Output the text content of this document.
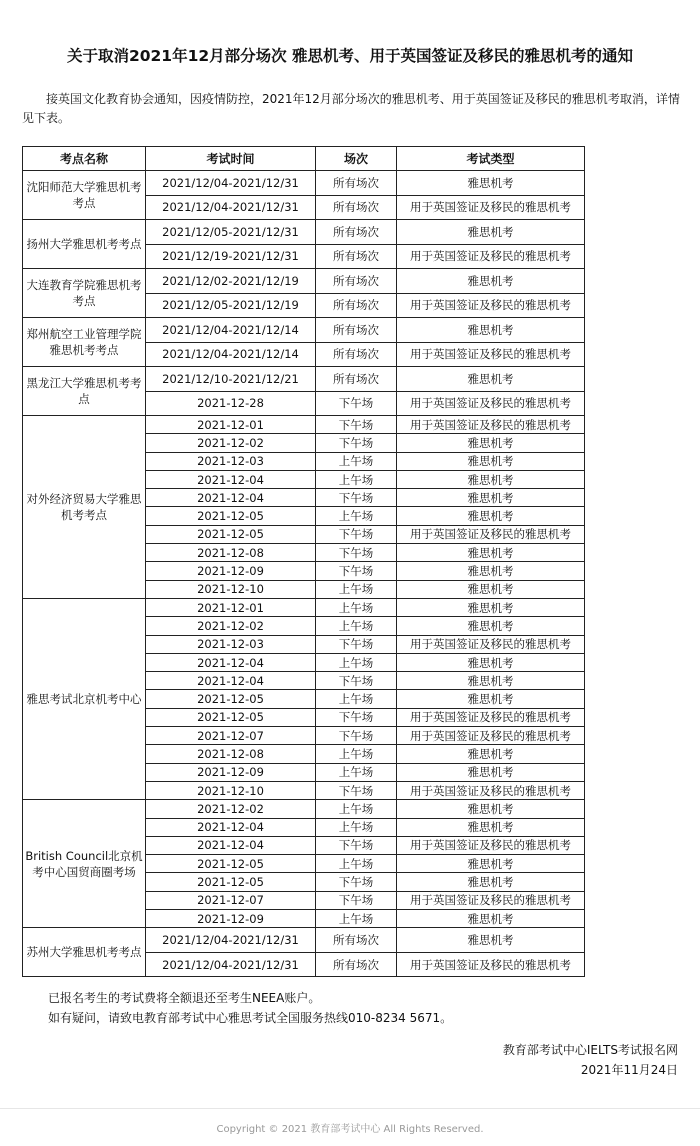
关于取消2021年12月部分场次 雅思机考、用于英国签证及移民的雅思机考的通知
接英国文化教育协会通知，因疫情防控，2021年12月部分场次的雅思机考、用于英国签证及移民的雅思机考取消，详情见下表。
考点名称	考试时间	场次	考试类型
沈阳师范大学雅思机考考点	2021/12/04-2021/12/31	所有场次	雅思机考
	2021/12/04-2021/12/31	所有场次	用于英国签证及移民的雅思机考
扬州大学雅思机考考点	2021/12/05-2021/12/31	所有场次	雅思机考
	2021/12/19-2021/12/31	所有场次	用于英国签证及移民的雅思机考
大连教育学院雅思机考考点	2021/12/02-2021/12/19	所有场次	雅思机考
	2021/12/05-2021/12/19	所有场次	用于英国签证及移民的雅思机考
郑州航空工业管理学院雅思机考考点	2021/12/04-2021/12/14	所有场次	雅思机考
	2021/12/04-2021/12/14	所有场次	用于英国签证及移民的雅思机考
黑龙江大学雅思机考考点	2021/12/10-2021/12/21	所有场次	雅思机考
	2021-12-28	下午场	用于英国签证及移民的雅思机考
对外经济贸易大学雅思机考考点	2021-12-01	下午场	用于英国签证及移民的雅思机考
	2021-12-02	下午场	雅思机考
	2021-12-03	上午场	雅思机考
	2021-12-04	上午场	雅思机考
	2021-12-04	下午场	雅思机考
	2021-12-05	上午场	雅思机考
	2021-12-05	下午场	用于英国签证及移民的雅思机考
	2021-12-08	下午场	雅思机考
	2021-12-09	下午场	雅思机考
	2021-12-10	上午场	雅思机考
雅思考试北京机考中心	2021-12-01	上午场	雅思机考
	2021-12-02	上午场	雅思机考
	2021-12-03	下午场	用于英国签证及移民的雅思机考
	2021-12-04	上午场	雅思机考
	2021-12-04	下午场	雅思机考
	2021-12-05	上午场	雅思机考
	2021-12-05	下午场	用于英国签证及移民的雅思机考
	2021-12-07	下午场	用于英国签证及移民的雅思机考
	2021-12-08	上午场	雅思机考
	2021-12-09	上午场	雅思机考
	2021-12-10	下午场	用于英国签证及移民的雅思机考
British Council北京机考中心国贸商圈考场	2021-12-02	上午场	雅思机考
	2021-12-04	上午场	雅思机考
	2021-12-04	下午场	用于英国签证及移民的雅思机考
	2021-12-05	上午场	雅思机考
	2021-12-05	下午场	雅思机考
	2021-12-07	下午场	用于英国签证及移民的雅思机考
	2021-12-09	上午场	雅思机考
苏州大学雅思机考考点	2021/12/04-2021/12/31	所有场次	雅思机考
	2021/12/04-2021/12/31	所有场次	用于英国签证及移民的雅思机考
已报名考生的考试费将全额退还至考生NEEA账户。
如有疑问，请致电教育部考试中心雅思考试全国服务热线010-8234 5671。
教育部考试中心IELTS考试报名网
2021年11月24日
Copyright © 2021 教育部考试中心 All Rights Reserved.
